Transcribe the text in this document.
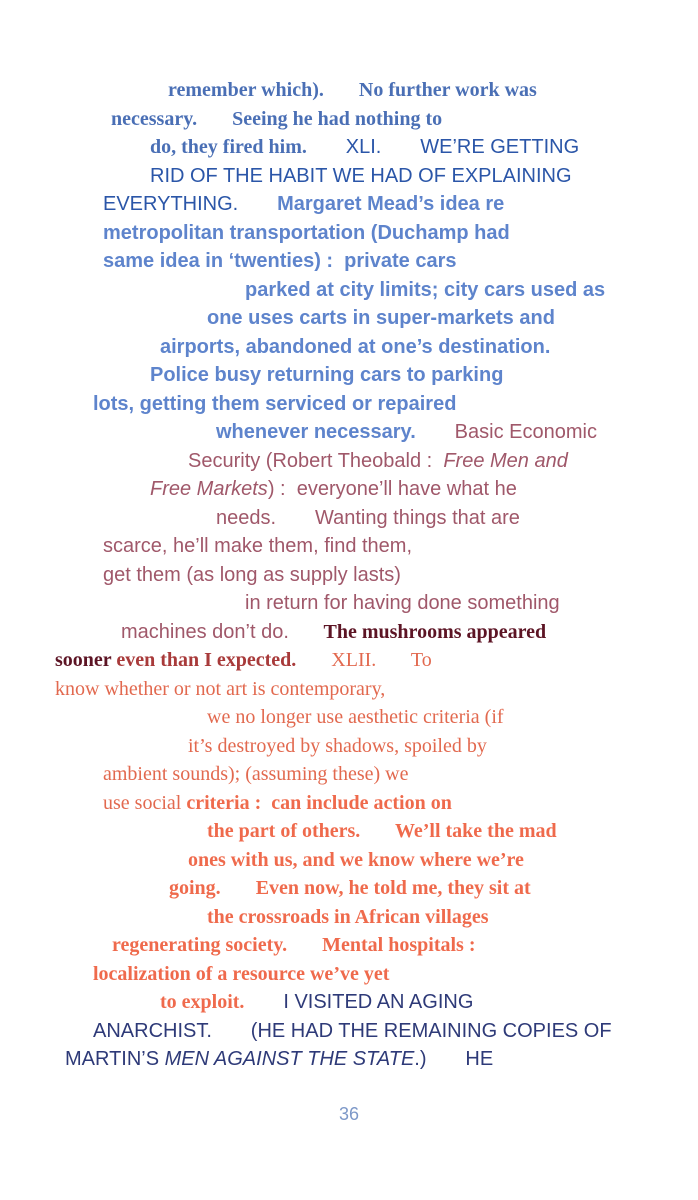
remember which).       No further work was
necessary.       Seeing he had nothing to
do, they fired him.       XLI.       WE’RE GETTING
RID OF THE HABIT WE HAD OF EXPLAINING
EVERYTHING.       Margaret Mead’s idea re
metropolitan transportation (Duchamp had
same idea in ‘twenties) :  private cars
parked at city limits; city cars used as
one uses carts in super-markets and
airports, abandoned at one’s destination.
Police busy returning cars to parking
lots, getting them serviced or repaired
whenever necessary.       Basic Economic
Security (Robert Theobald :  Free Men and
Free Markets) :  everyone’ll have what he
needs.       Wanting things that are
scarce, he’ll make them, find them,
get them (as long as supply lasts)
in return for having done something
machines don’t do.       The mushrooms appeared
sooner even than I expected.       XLII.       To
know whether or not art is contemporary,
we no longer use aesthetic criteria (if
it’s destroyed by shadows, spoiled by
ambient sounds); (assuming these) we
use social criteria :  can include action on
the part of others.       We’ll take the mad
ones with us, and we know where we’re
going.       Even now, he told me, they sit at
the crossroads in African villages
regenerating society.       Mental hospitals :
localization of a resource we’ve yet
to exploit.       I VISITED AN AGING
ANARCHIST.       (HE HAD THE REMAINING COPIES OF
MARTIN’S MEN AGAINST THE STATE.)       HE
36
